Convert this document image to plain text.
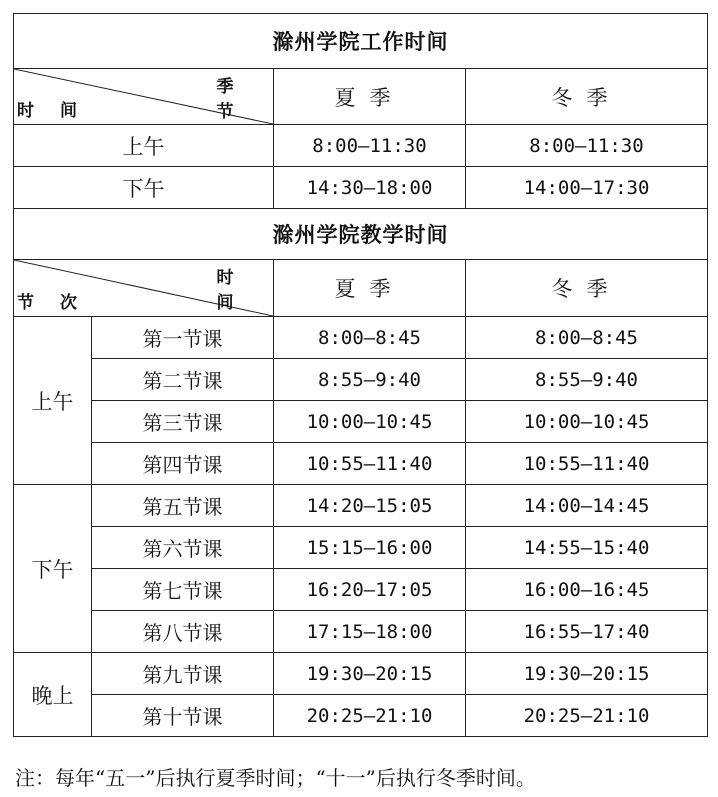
滁州学院工作时间			

季节
时间		夏季	冬季
上午		8:00—11:30	8:00—11:30
下午		14:30—18:00	14:00—17:30
滁州学院教学时间			

时间
节次		夏季	冬季
上午	第一节课	8:00—8:45	8:00—8:45
	第二节课	8:55—9:40	8:55—9:40
	第三节课	10:00—10:45	10:00—10:45
	第四节课	10:55—11:40	10:55—11:40
下午	第五节课	14:20—15:05	14:00—14:45
	第六节课	15:15—16:00	14:55—15:40
	第七节课	16:20—17:05	16:00—16:45
	第八节课	17:15—18:00	16:55—17:40
晚上	第九节课	19:30—20:15	19:30—20:15
	第十节课	20:25—21:10	20:25—21:10
注：每年“五一”后执行夏季时间；“十一”后执行冬季时间。
